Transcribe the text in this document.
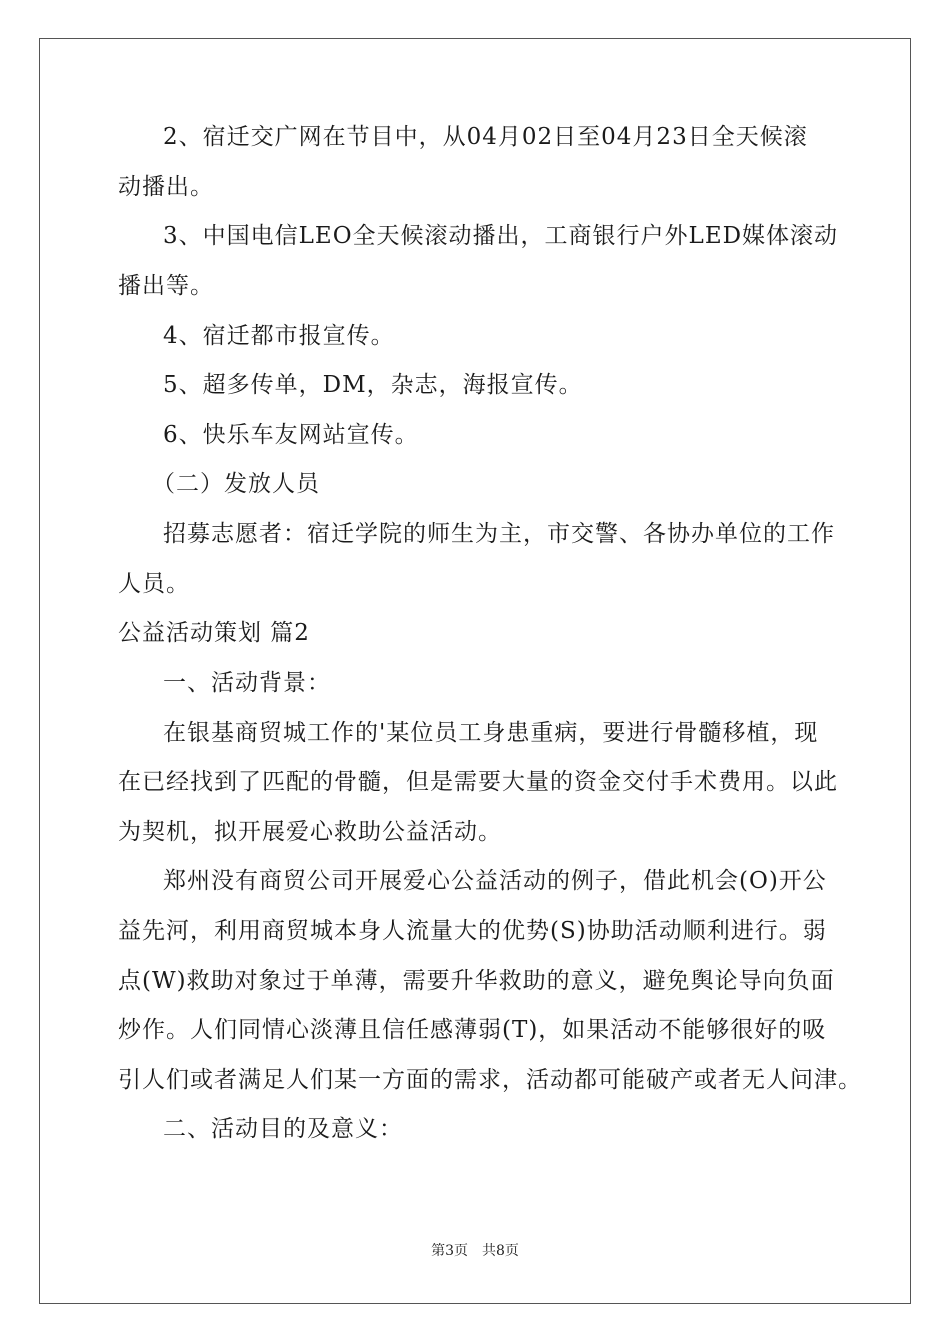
2、宿迁交广网在节目中，从04月02日至04月23日全天候滚
动播出。
3、中国电信LEO全天候滚动播出，工商银行户外LED媒体滚动
播出等。
4、宿迁都市报宣传。
5、超多传单，DM，杂志，海报宣传。
6、快乐车友网站宣传。
（二）发放人员
招募志愿者：宿迁学院的师生为主，市交警、各协办单位的工作
人员。
公益活动策划 篇2
一、活动背景：
在银基商贸城工作的'某位员工身患重病，要进行骨髓移植，现
在已经找到了匹配的骨髓，但是需要大量的资金交付手术费用。以此
为契机，拟开展爱心救助公益活动。
郑州没有商贸公司开展爱心公益活动的例子，借此机会(O)开公
益先河，利用商贸城本身人流量大的优势(S)协助活动顺利进行。弱
点(W)救助对象过于单薄，需要升华救助的意义，避免舆论导向负面
炒作。人们同情心淡薄且信任感薄弱(T)，如果活动不能够很好的吸
引人们或者满足人们某一方面的需求，活动都可能破产或者无人问津。
二、活动目的及意义：
第3页 共8页
